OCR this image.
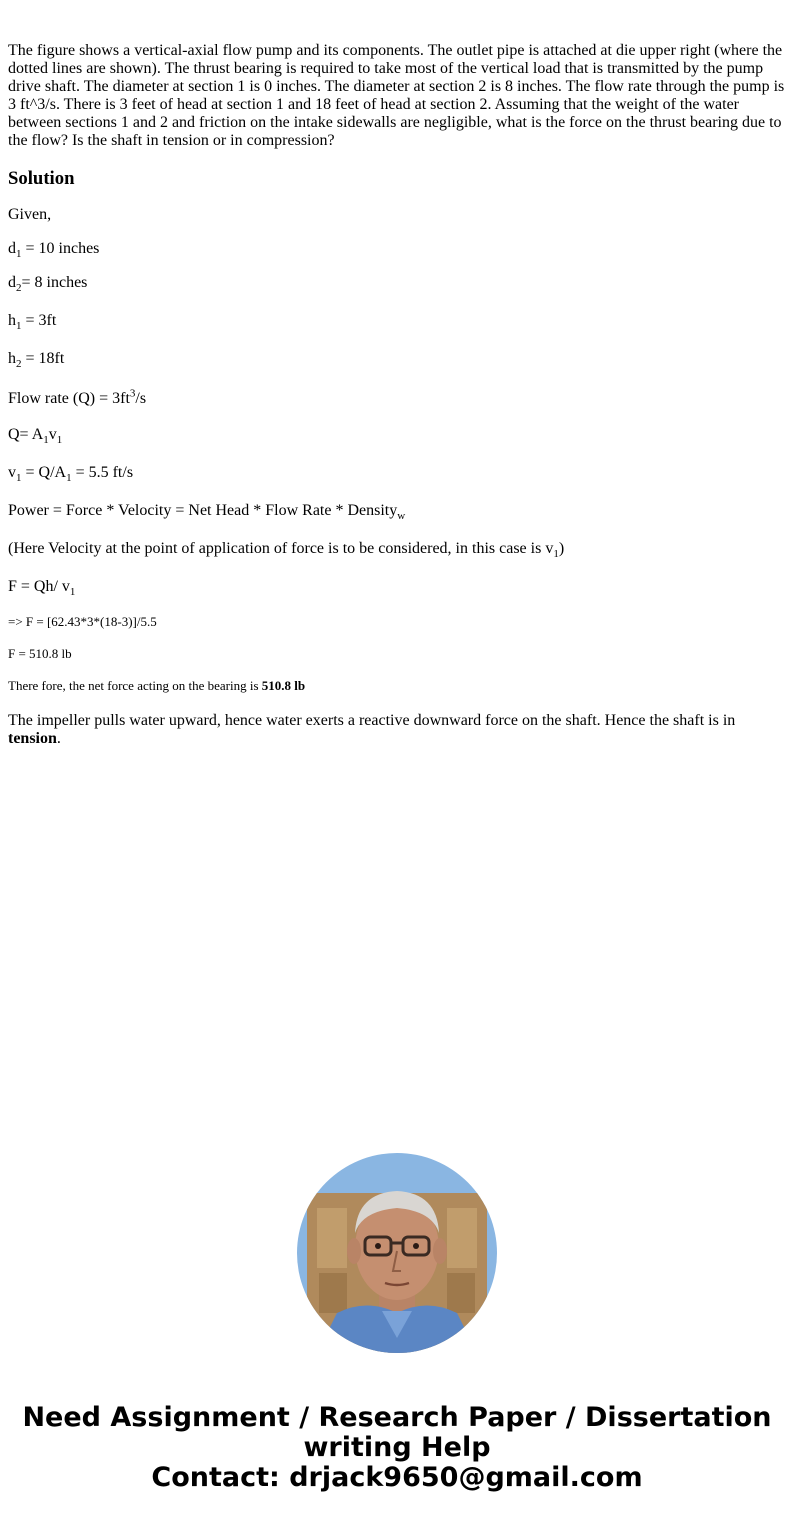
The figure shows a vertical-axial flow pump and its components. The outlet pipe is attached at die upper right (where the dotted lines are shown). The thrust bearing is required to take most of the vertical load that is transmitted by the pump drive shaft. The diameter at section 1 is 0 inches. The diameter at section 2 is 8 inches. The flow rate through the pump is 3 ft^3/s. There is 3 feet of head at section 1 and 18 feet of head at section 2. Assuming that the weight of the water between sections 1 and 2 and friction on the intake sidewalls are negligible, what is the force on the thrust bearing due to the flow? Is the shaft in tension or in compression?

Solution

Given,

$d_1 = 10$ inches

$d_2= 8$ inches

$h_1 = 3ft$

$h_2 = 18ft$

Flow rate $(Q) = 3ft^3/s$

$Q= A_1v_1$

$v_1 = Q/A_1 = 5.5$ ft/s

Power = Force * Velocity = Net Head * Flow Rate * Density$_w$

(Here Velocity at the point of application of force is to be considered, in this case is $v_1$)

F = Qh/ $v_1$

=> F = [62.43*3*(18-3)]/5.5

F = 510.8 lb

There fore, the net force acting on the bearing is 510.8 lb

The impeller pulls water upward, hence water exerts a reactive downward force on the shaft. Hence the shaft is in tension.

Need Assignment / Research Paper / Dissertation
writing Help
Contact: drjack9650@gmail.com
